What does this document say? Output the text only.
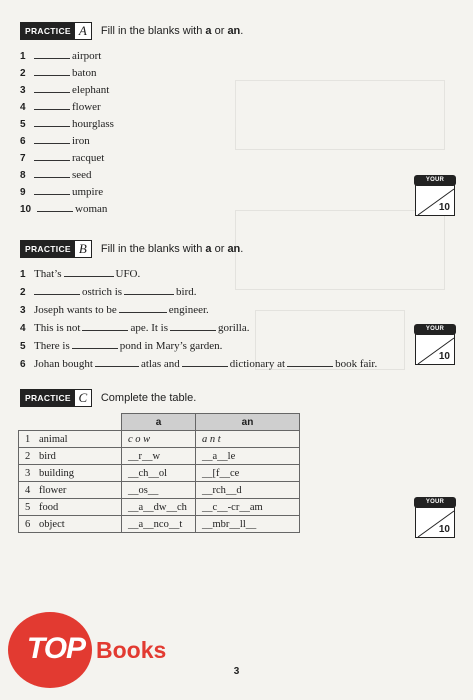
PRACTICE A	Fill in the blanks with a or an.
1	airport
2	baton
3	elephant
4	flower
5	hourglass
6	iron
7	racquet
8	seed
9	umpire
10	woman
YOUR SCORE
10
PRACTICE B	Fill in the blanks with a or an.
1 That’s	UFO.
2	ostrich is	bird.
3 Joseph wants to be	engineer.
4 This is not	ape. It is	gorilla.
5 There is	pond in Mary’s garden.
6 Johan bought	atlas and	dictionary at	book fair.
YOUR SCORE
10
PRACTICE C	Complete the table.
	a	an
1 animal	c o w	a n t
2 bird	__r__w	__a__le
3 building	__ch__ol	__[f__ce
4 flower	__os__	__rch__d
5 food	__a__dw__ch	__c__-cr__am
6 object	__a__nco__t	__mbr__ll__
YOUR SCORE
10
TOP Books
3
